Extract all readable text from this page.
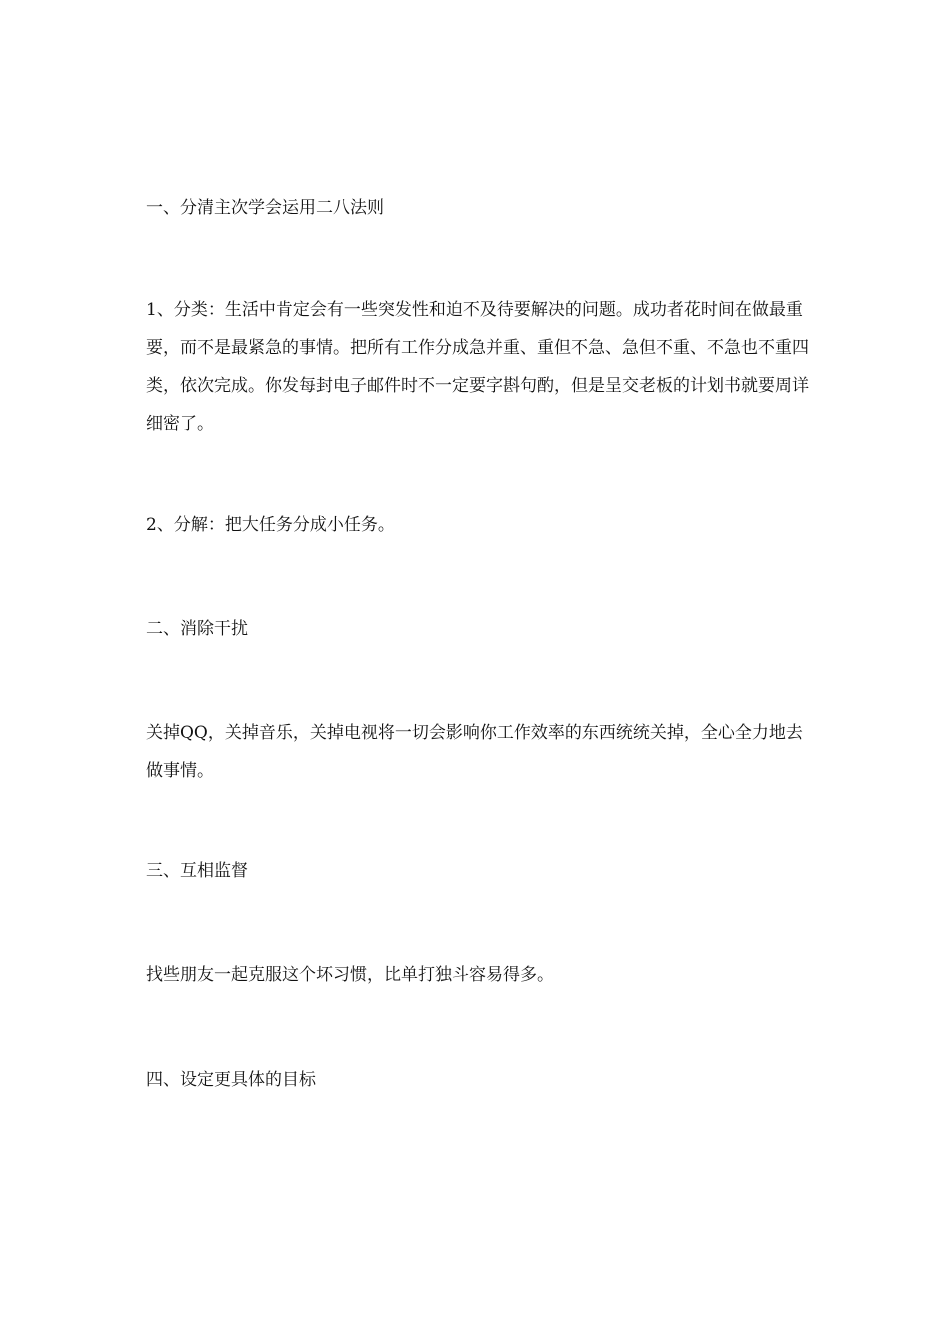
一、分清主次学会运用二八法则

1、分类：生活中肯定会有一些突发性和迫不及待要解决的问题。成功者花时间在做最重要，而不是最紧急的事情。把所有工作分成急并重、重但不急、急但不重、不急也不重四类，依次完成。你发每封电子邮件时不一定要字斟句酌，但是呈交老板的计划书就要周详细密了。

2、分解：把大任务分成小任务。

二、消除干扰

关掉QQ，关掉音乐，关掉电视将一切会影响你工作效率的东西统统关掉，全心全力地去做事情。

三、互相监督

找些朋友一起克服这个坏习惯，比单打独斗容易得多。

四、设定更具体的目标
